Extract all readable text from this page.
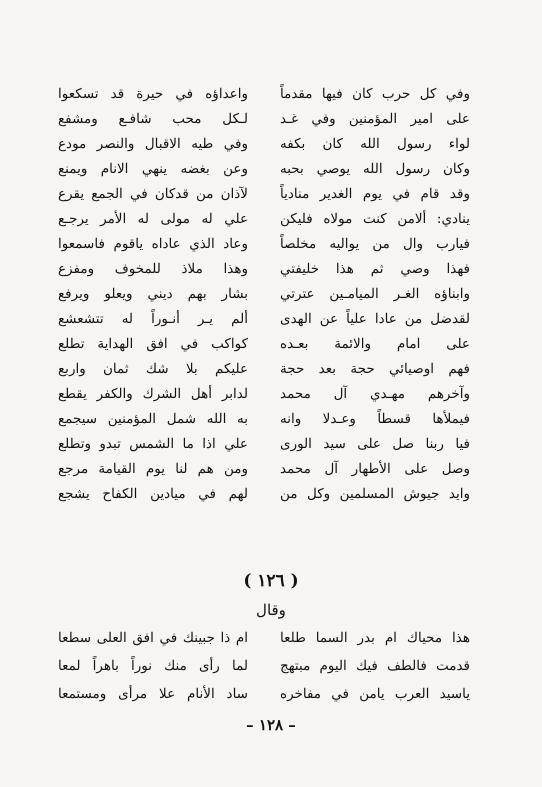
وفي كل حرب كان فيها مقدماً
واعداؤه في حيرة قد تسكعوا
على امير المؤمنين وفي غـد
لـكل محب شافـع ومشفع
لواء رسول الله كان بكفه
وفي طيه الاقبال والنصر مودع
وكان رسول الله يوصي بحبه
وعن بغضه ينهي الانام ويمنع
وقد قام في يوم الغدير منادياً
لآذان من قدكان في الجمع يقرع
ينادي: ألامن كنت مولاه فليكن
علي له مولى له الأمر يرجـع
فيارب وال من يواليه مخلصاً
وعاد الذي عاداه ياقوم فاسمعوا
فهذا وصي ثم هذا خليفتي
وهذا ملاذ للمخوف ومفزع
وابناؤه الغـر الميامـين عترتي
بشار بهم ديني ويعلو ويرفع
لقدضل من عادا علياً عن الهدى
ألم يـر أنـوراً له تتشعشع
على امام والائمة بعـده
كواكب في افق الهداية تطلع
فهم اوصيائي حجة بعد حجة
عليكم بلا شك ثمان واربع
وآخرهم مهـدي آل محمد
لدابر أهل الشرك والكفر يقطع
فيملأها قسطاً وعـدلا وانه
به الله شمل المؤمنين سيجمع
فيا ربنا صل على سيد الورى
علي اذا ما الشمس تبدو وتطلع
وصل على الأطهار آل محمد
ومن هم لنا يوم القيامة مرجع
وايد جيوش المسلمين وكل من
لهم في ميادين الكفاح يشجع
( ١٢٦ )
وقال
هذا محياك ام بدر السما طلعا
ام ذا جبينك في افق العلى سطعا
قدمت فالطف فيك اليوم مبتهج
لما رأى منك نوراً باهراً لمعا
ياسيد العرب يامن في مفاخره
ساد الأنام علا مرأى ومستمعا
– ١٢٨ –
